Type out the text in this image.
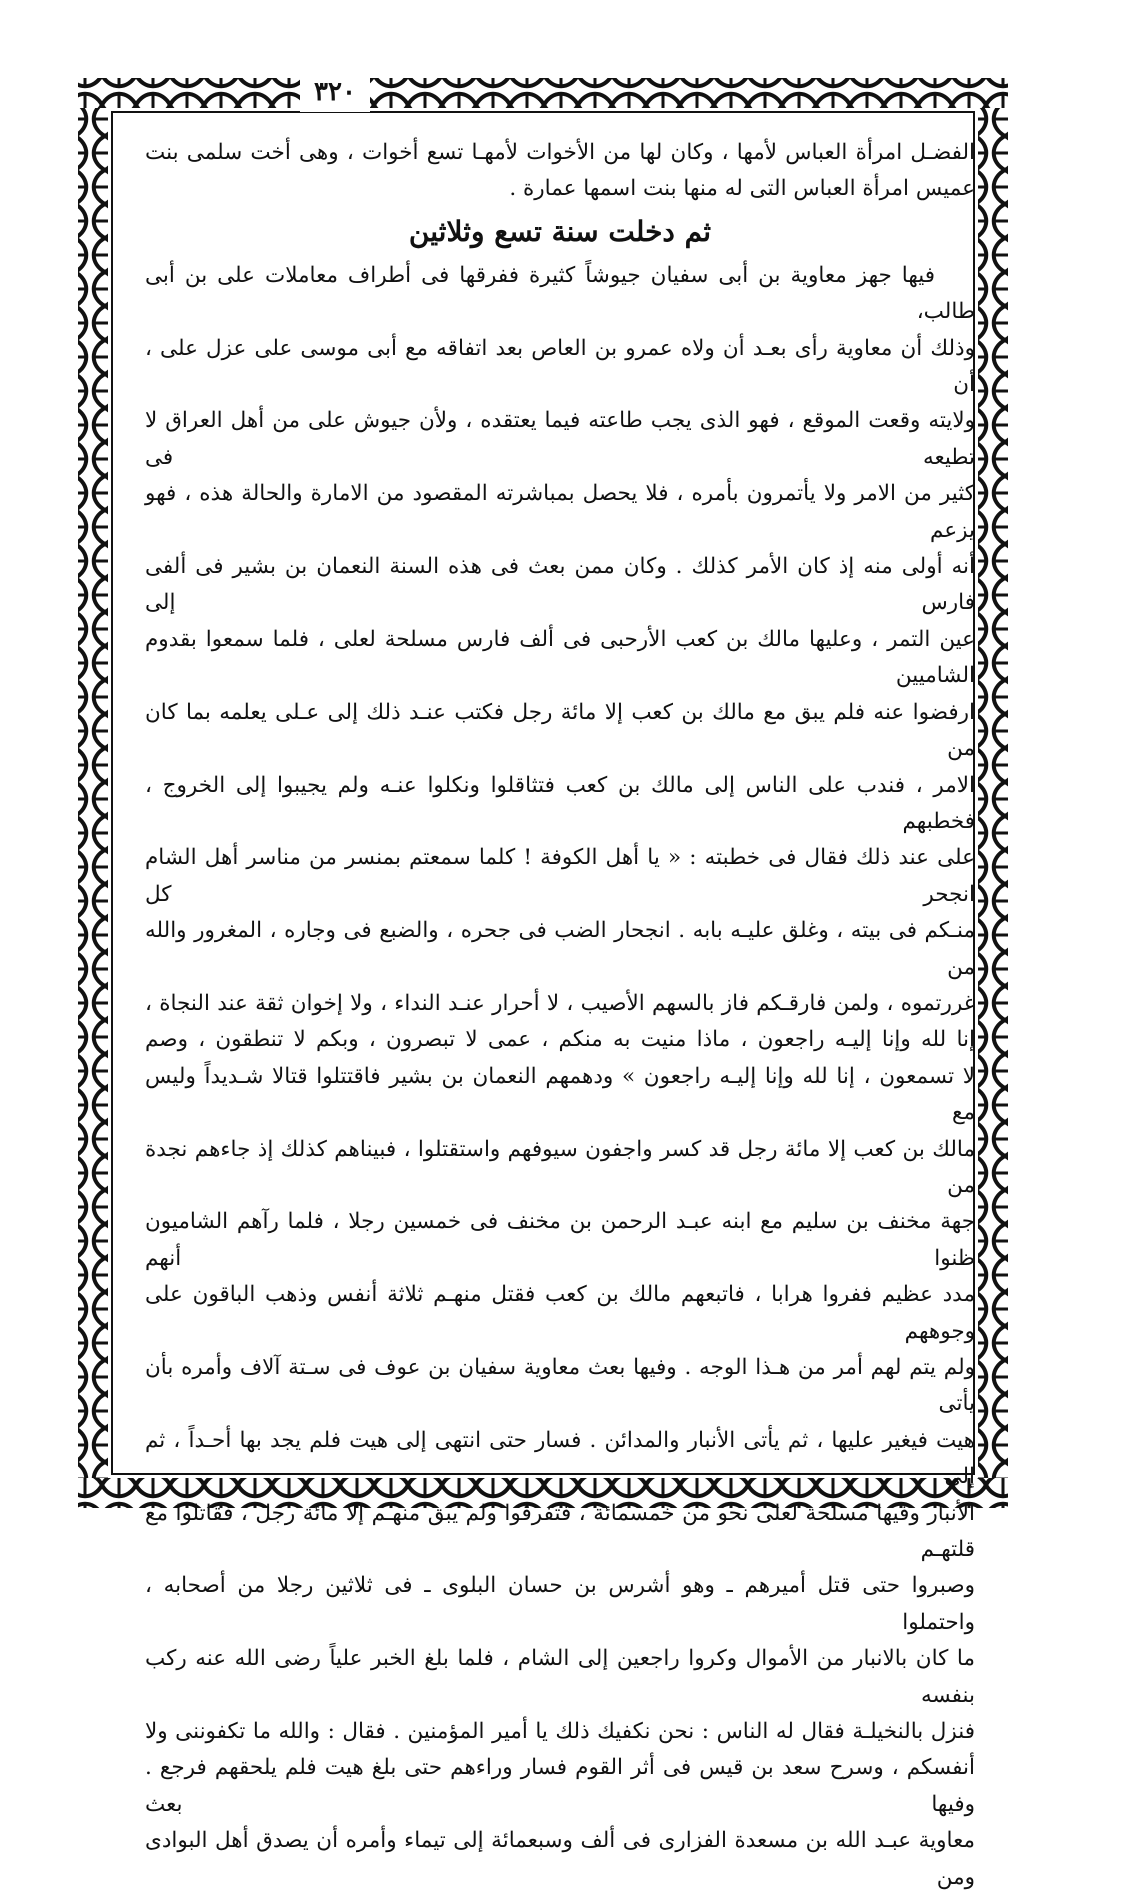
٣٢٠

الفضـل امرأة العباس لأمها ، وكان لها من الأخوات لأمهـا تسع أخوات ، وهى أخت سلمى بنت

عميس امرأة العباس التى له منها بنت اسمها عمارة .

ثم دخلت سنة تسع وثلاثين

فيها جهز معاوية بن أبى سفيان جيوشاً كثيرة ففرقها فى أطراف معاملات على بن أبى طالب،

وذلك أن معاوية رأى بعـد أن ولاه عمرو بن العاص بعد اتفاقه مع أبى موسى على عزل على ، أن

ولايته وقعت الموقع ، فهو الذى يجب طاعته فيما يعتقده ، ولأن جيوش على من أهل العراق لا تطيعه فى

كثير من الامر ولا يأتمرون بأمره ، فلا يحصل بمباشرته المقصود من الامارة والحالة هذه ، فهو يزعم

أنه أولى منه إذ كان الأمر كذلك . وكان ممن بعث فى هذه السنة النعمان بن بشير فى ألفى فارس إلى

عين التمر ، وعليها مالك بن كعب الأرحبى فى ألف فارس مسلحة لعلى ، فلما سمعوا بقدوم الشاميين

ارفضوا عنه فلم يبق مع مالك بن كعب إلا مائة رجل فكتب عنـد ذلك إلى عـلى يعلمه بما كان من

الامر ، فندب على الناس إلى مالك بن كعب فتثاقلوا ونكلوا عنـه ولم يجيبوا إلى الخروج ، فخطبهم

على عند ذلك فقال فى خطبته : « يا أهل الكوفة ! كلما سمعتم بمنسر من مناسر أهل الشام انجحر كل

منـكم فى بيته ، وغلق عليـه بابه . انجحار الضب فى جحره ، والضبع فى وجاره ، المغرور والله من

غررتموه ، ولمن فارقـكم فاز بالسهم الأصيب ، لا أحرار عنـد النداء ، ولا إخوان ثقة عند النجاة ،

إنا لله وإنا إليـه راجعون ، ماذا منيت به منكم ، عمى لا تبصرون ، وبكم لا تنطقون ، وصم

لا تسمعون ، إنا لله وإنا إليـه راجعون » ودهمهم النعمان بن بشير فاقتتلوا قتالا شـديداً وليس مع

مالك بن كعب إلا مائة رجل قد كسر واجفون سيوفهم واستقتلوا ، فبيناهم كذلك إذ جاءهم نجدة من

جهة مخنف بن سليم مع ابنه عبـد الرحمن بن مخنف فى خمسين رجلا ، فلما رآهم الشاميون ظنوا أنهم

مدد عظيم ففروا هرابا ، فاتبعهم مالك بن كعب فقتل منهـم ثلاثة أنفس وذهب الباقون على وجوههم

ولم يتم لهم أمر من هـذا الوجه . وفيها بعث معاوية سفيان بن عوف فى سـتة آلاف وأمره بأن يأتى

هيت فيغير عليها ، ثم يأتى الأنبار والمدائن . فسار حتى انتهى إلى هيت فلم يجد بها أحـداً ، ثم إلى

الأنبار وفيها مسلحة لعلى نحو من خمسمائة ، فتفرقوا ولم يبق منهـم إلا مائة رجل ، فقاتلوا مع قلتهـم

وصبروا حتى قتل أميرهم ـ وهو أشرس بن حسان البلوى ـ فى ثلاثين رجلا من أصحابه ، واحتملوا

ما كان بالانبار من الأموال وكروا راجعين إلى الشام ، فلما بلغ الخبر علياً رضى الله عنه ركب بنفسه

فنزل بالنخيلـة فقال له الناس : نحن نكفيك ذلك يا أمير المؤمنين . فقال : والله ما تكفوننى ولا

أنفسكم ، وسرح سعد بن قيس فى أثر القوم فسار وراءهم حتى بلغ هيت فلم يلحقهم فرجع . وفيها بعث

معاوية عبـد الله بن مسعدة الفزارى فى ألف وسبعمائة إلى تيماء وأمره أن يصدق أهل البوادى ومن
